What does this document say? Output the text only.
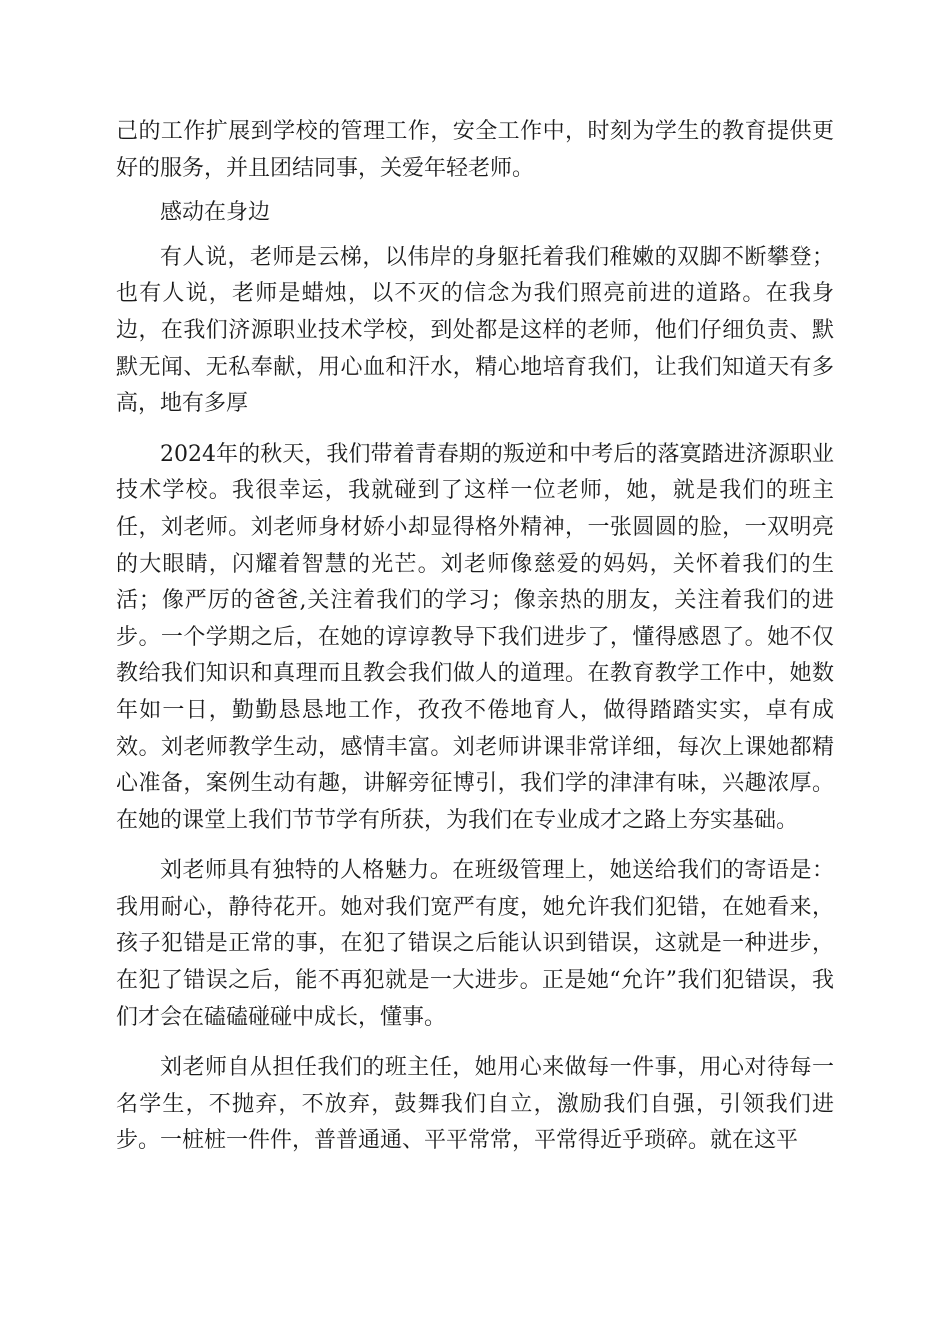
己的工作扩展到学校的管理工作，安全工作中，时刻为学生的教育提供更好的服务，并且团结同事，关爱年轻老师。

感动在身边

有人说，老师是云梯，以伟岸的身躯托着我们稚嫩的双脚不断攀登；也有人说，老师是蜡烛，以不灭的信念为我们照亮前进的道路。在我身边，在我们济源职业技术学校，到处都是这样的老师，他们仔细负责、默默无闻、无私奉献，用心血和汗水，精心地培育我们，让我们知道天有多高，地有多厚

2024年的秋天，我们带着青春期的叛逆和中考后的落寞踏进济源职业技术学校。我很幸运，我就碰到了这样一位老师，她，就是我们的班主任，刘老师。刘老师身材娇小却显得格外精神，一张圆圆的脸，一双明亮的大眼睛，闪耀着智慧的光芒。刘老师像慈爱的妈妈，关怀着我们的生活；像严厉的爸爸,关注着我们的学习；像亲热的朋友，关注着我们的进步。一个学期之后，在她的谆谆教导下我们进步了，懂得感恩了。她不仅教给我们知识和真理而且教会我们做人的道理。在教育教学工作中，她数年如一日，勤勤恳恳地工作，孜孜不倦地育人，做得踏踏实实，卓有成效。刘老师教学生动，感情丰富。刘老师讲课非常详细，每次上课她都精心准备，案例生动有趣，讲解旁征博引，我们学的津津有味，兴趣浓厚。在她的课堂上我们节节学有所获，为我们在专业成才之路上夯实基础。

刘老师具有独特的人格魅力。在班级管理上，她送给我们的寄语是：我用耐心，静待花开。她对我们宽严有度，她允许我们犯错，在她看来，孩子犯错是正常的事，在犯了错误之后能认识到错误，这就是一种进步，在犯了错误之后，能不再犯就是一大进步。正是她“允许”我们犯错误，我们才会在磕磕碰碰中成长，懂事。

刘老师自从担任我们的班主任，她用心来做每一件事，用心对待每一名学生，不抛弃，不放弃，鼓舞我们自立，激励我们自强，引领我们进步。一桩桩一件件，普普通通、平平常常，平常得近乎琐碎。就在这平
